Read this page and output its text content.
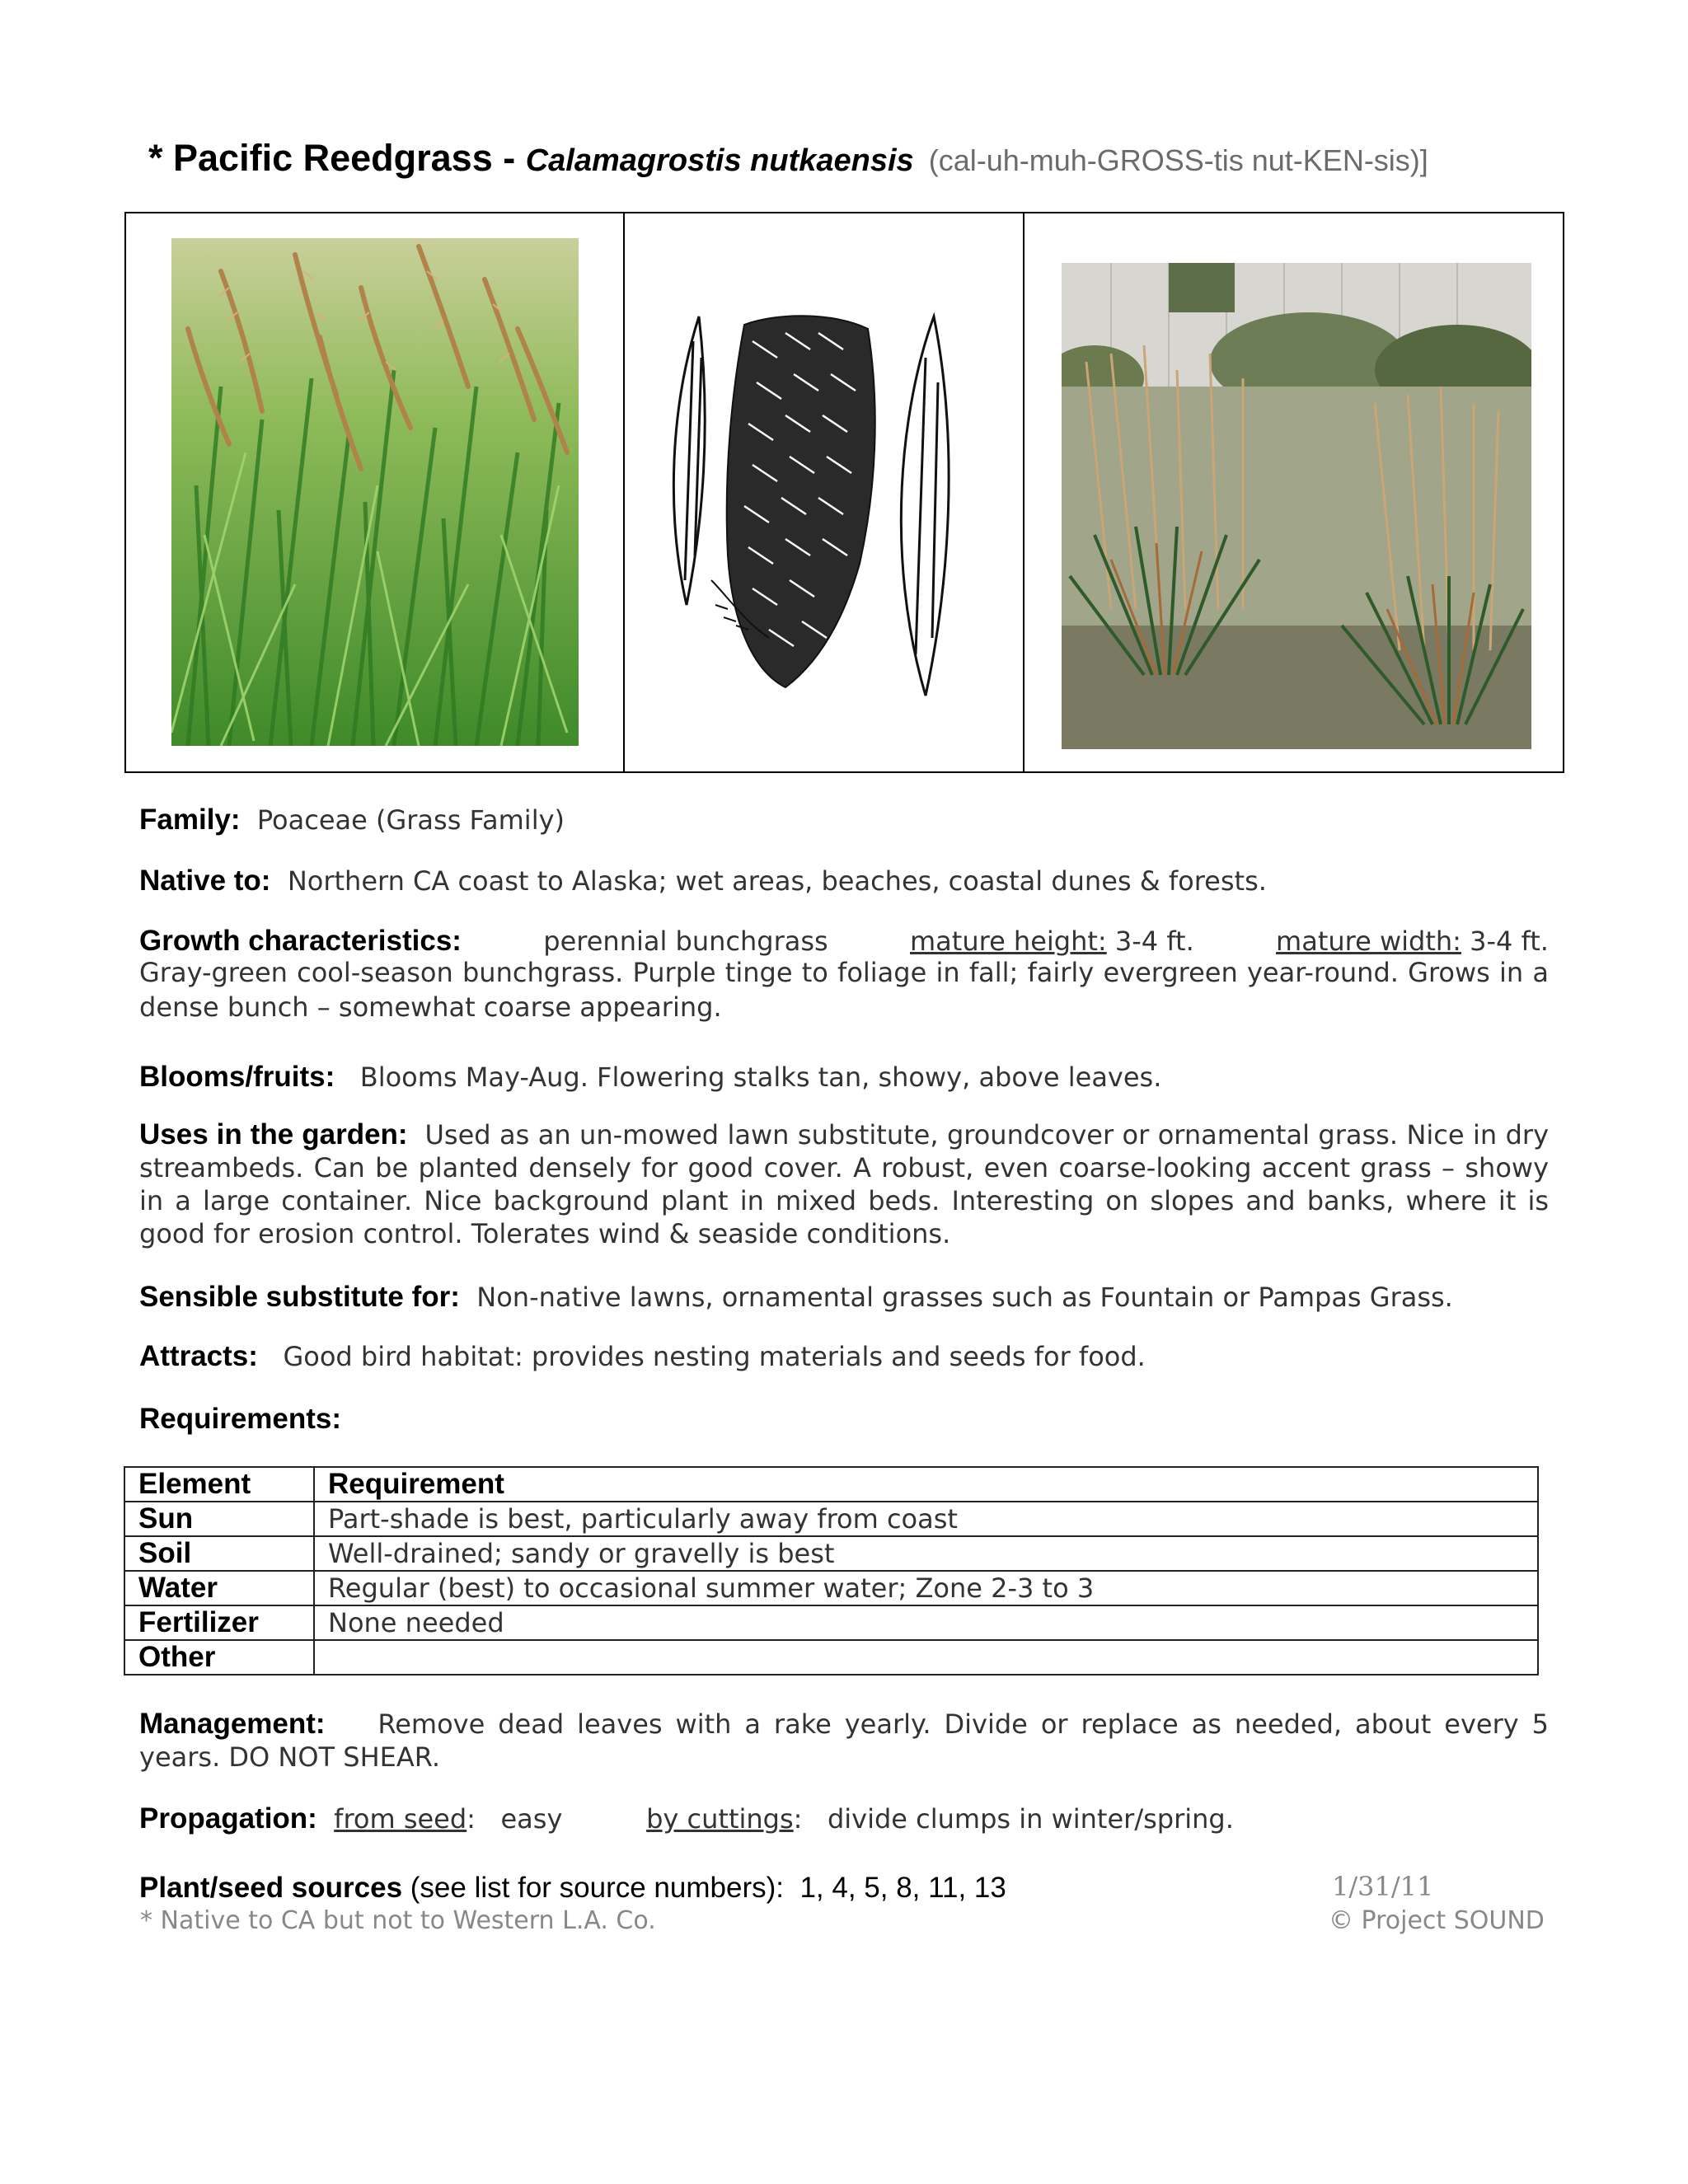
* Pacific Reedgrass - Calamagrostis nutkaensis (cal-uh-muh-GROSS-tis nut-KEN-sis)]
Family: Poaceae (Grass Family)
Native to: Northern CA coast to Alaska; wet areas, beaches, coastal dunes & forests.
Growth characteristics:	perennial bunchgrass	mature height: 3-4 ft.	mature width: 3-4 ft.
Gray-green cool-season bunchgrass. Purple tinge to foliage in fall; fairly evergreen year-round. Grows in a dense bunch – somewhat coarse appearing.
Blooms/fruits: Blooms May-Aug. Flowering stalks tan, showy, above leaves.
Uses in the garden: Used as an un-mowed lawn substitute, groundcover or ornamental grass. Nice in dry streambeds. Can be planted densely for good cover. A robust, even coarse-looking accent grass – showy in a large container. Nice background plant in mixed beds. Interesting on slopes and banks, where it is good for erosion control. Tolerates wind & seaside conditions.
Sensible substitute for: Non-native lawns, ornamental grasses such as Fountain or Pampas Grass.
Attracts: Good bird habitat: provides nesting materials and seeds for food.
Requirements:
Element	Requirement
Sun	Part-shade is best, particularly away from coast
Soil	Well-drained; sandy or gravelly is best
Water	Regular (best) to occasional summer water; Zone 2-3 to 3
Fertilizer	None needed
Other	
Management: Remove dead leaves with a rake yearly. Divide or replace as needed, about every 5 years. DO NOT SHEAR.
Propagation: from seed:   easy	by cuttings:   divide clumps in winter/spring.
Plant/seed sources (see list for source numbers): 1, 4, 5, 8, 11, 13	1/31/11
* Native to CA but not to Western L.A. Co.	© Project SOUND
